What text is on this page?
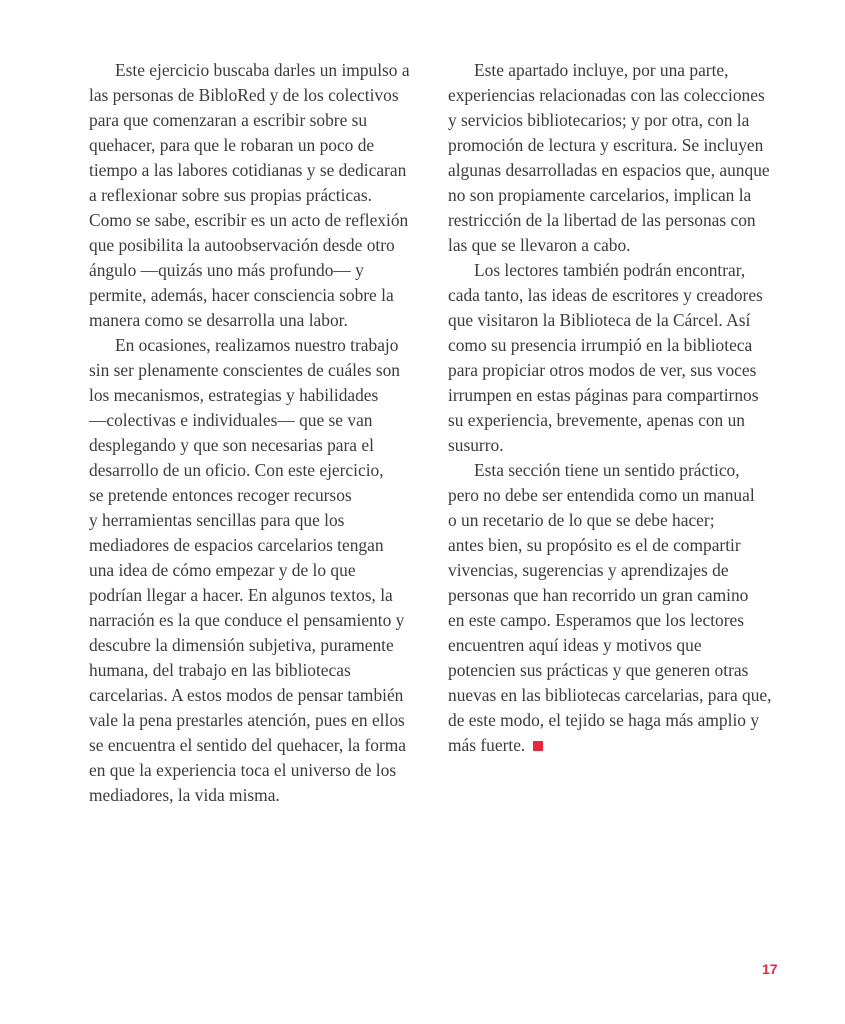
Este ejercicio buscaba darles un impulso a
las personas de BibloRed y de los colectivos
para que comenzaran a escribir sobre su
quehacer, para que le robaran un poco de
tiempo a las labores cotidianas y se dedicaran
a reflexionar sobre sus propias prácticas.
Como se sabe, escribir es un acto de reflexión
que posibilita la autoobservación desde otro
ángulo —quizás uno más profundo— y
permite, además, hacer consciencia sobre la
manera como se desarrolla una labor.
En ocasiones, realizamos nuestro trabajo
sin ser plenamente conscientes de cuáles son
los mecanismos, estrategias y habilidades
—colectivas e individuales— que se van
desplegando y que son necesarias para el
desarrollo de un oficio. Con este ejercicio,
se pretende entonces recoger recursos
y herramientas sencillas para que los
mediadores de espacios carcelarios tengan
una idea de cómo empezar y de lo que
podrían llegar a hacer. En algunos textos, la
narración es la que conduce el pensamiento y
descubre la dimensión subjetiva, puramente
humana, del trabajo en las bibliotecas
carcelarias. A estos modos de pensar también
vale la pena prestarles atención, pues en ellos
se encuentra el sentido del quehacer, la forma
en que la experiencia toca el universo de los
mediadores, la vida misma.
Este apartado incluye, por una parte,
experiencias relacionadas con las colecciones
y servicios bibliotecarios; y por otra, con la
promoción de lectura y escritura. Se incluyen
algunas desarrolladas en espacios que, aunque
no son propiamente carcelarios, implican la
restricción de la libertad de las personas con
las que se llevaron a cabo.
Los lectores también podrán encontrar,
cada tanto, las ideas de escritores y creadores
que visitaron la Biblioteca de la Cárcel. Así
como su presencia irrumpió en la biblioteca
para propiciar otros modos de ver, sus voces
irrumpen en estas páginas para compartirnos
su experiencia, brevemente, apenas con un
susurro.
Esta sección tiene un sentido práctico,
pero no debe ser entendida como un manual
o un recetario de lo que se debe hacer;
antes bien, su propósito es el de compartir
vivencias, sugerencias y aprendizajes de
personas que han recorrido un gran camino
en este campo. Esperamos que los lectores
encuentren aquí ideas y motivos que
potencien sus prácticas y que generen otras
nuevas en las bibliotecas carcelarias, para que,
de este modo, el tejido se haga más amplio y
más fuerte.
17
